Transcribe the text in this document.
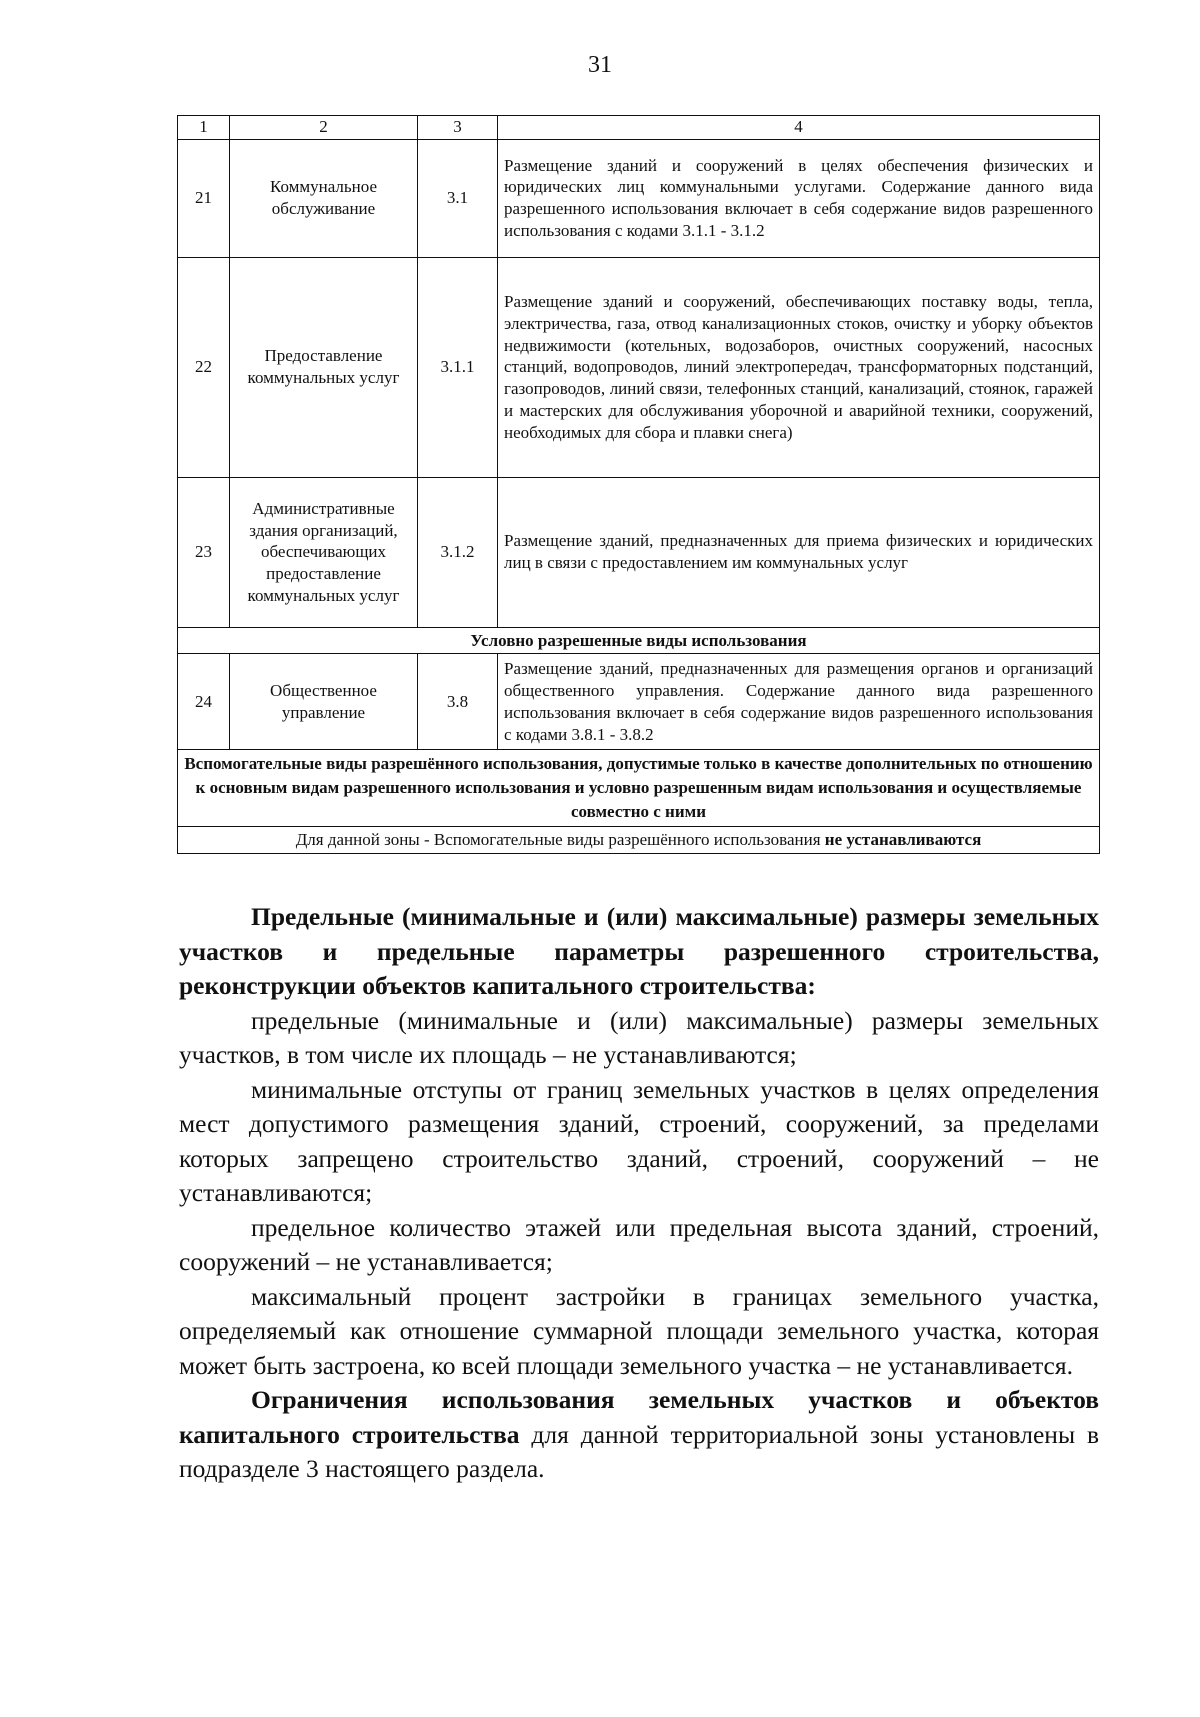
31
1	2	3	4
21	Коммунальное обслуживание	3.1	Размещение зданий и сооружений в целях обеспечения физических и юридических лиц коммунальными услугами. Содержание данного вида разрешенного использования включает в себя содержание видов разрешенного использования с кодами 3.1.1 - 3.1.2
22	Предоставление коммунальных услуг	3.1.1	Размещение зданий и сооружений, обеспечивающих поставку воды, тепла, электричества, газа, отвод канализационных стоков, очистку и уборку объектов недвижимости (котельных, водозаборов, очистных сооружений, насосных станций, водопроводов, линий электропередач, трансформаторных подстанций, газопроводов, линий связи, телефонных станций, канализаций, стоянок, гаражей и мастерских для обслуживания уборочной и аварийной техники, сооружений, необходимых для сбора и плавки снега)
23	Административные здания организаций, обеспечивающих предоставление коммунальных услуг	3.1.2	Размещение зданий, предназначенных для приема физических и юридических лиц в связи с предоставлением им коммунальных услуг
Условно разрешенные виды использования			
24	Общественное управление	3.8	Размещение зданий, предназначенных для размещения органов и организаций общественного управления. Содержание данного вида разрешенного использования включает в себя содержание видов разрешенного использования с кодами 3.8.1 - 3.8.2
Вспомогательные виды разрешённого использования, допустимые только в качестве дополнительных по отношению к основным видам разрешенного использования и условно разрешенным видам использования и осуществляемые совместно с ними			
Для данной зоны - Вспомогательные виды разрешённого использования не устанавливаются			

Предельные (минимальные и (или) максимальные) размеры земельных участков и предельные параметры разрешенного строительства, реконструкции объектов капитального строительства:

предельные (минимальные и (или) максимальные) размеры земельных участков, в том числе их площадь – не устанавливаются;

минимальные отступы от границ земельных участков в целях определения мест допустимого размещения зданий, строений, сооружений, за пределами которых запрещено строительство зданий, строений, сооружений – не устанавливаются;

предельное количество этажей или предельная высота зданий, строений, сооружений – не устанавливается;

максимальный процент застройки в границах земельного участка, определяемый как отношение суммарной площади земельного участка, которая может быть застроена, ко всей площади земельного участка – не устанавливается.

Ограничения использования земельных участков и объектов капитального строительства для данной территориальной зоны установлены в подразделе 3 настоящего раздела.
